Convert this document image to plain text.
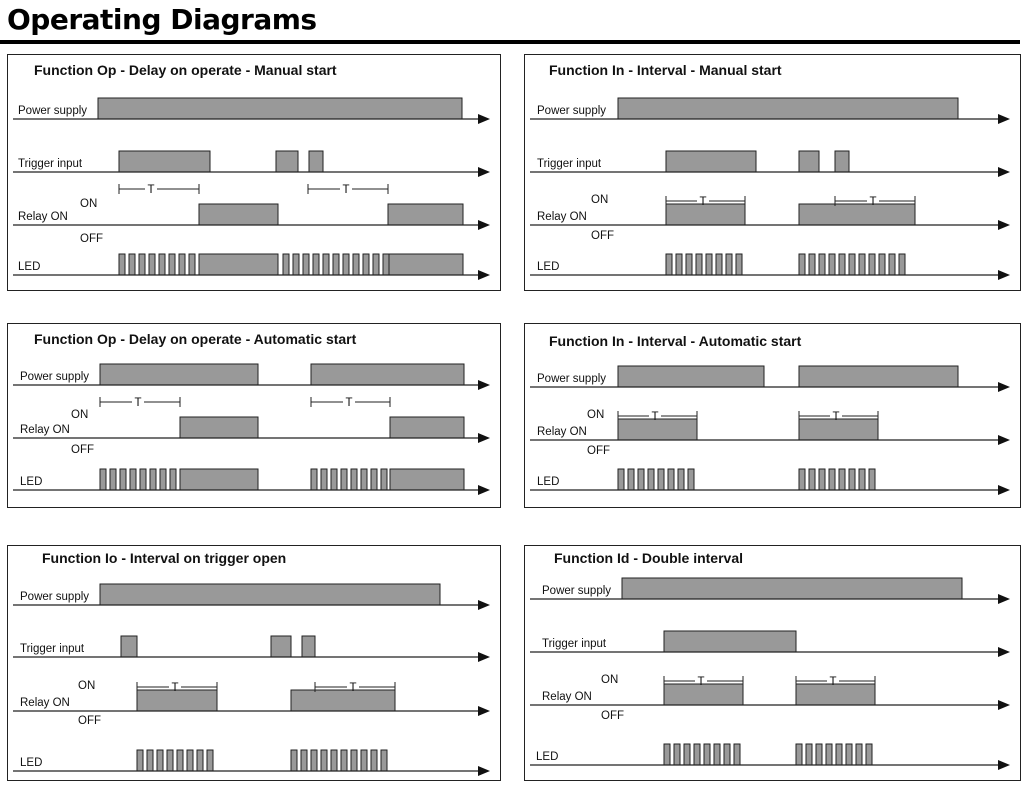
Operating Diagrams
Function Op - Delay on operate - Manual start
Power supply
Trigger input
Relay ON
ON
OFF
T	T
LED
Function In - Interval - Manual start
Power supply
Trigger input
Relay ON
ON
OFF
T	T
LED
Function Op - Delay on operate - Automatic start
Power supply
Relay ON
ON
OFF
T	T
LED
Function In - Interval - Automatic start
Power supply
Relay ON
ON
OFF
T	T
LED
Function Io - Interval on trigger open
Power supply
Trigger input
Relay ON
ON
OFF
T	T
LED
Function Id - Double interval
Power supply
Trigger input
Relay ON
ON
OFF
T	T
LED
